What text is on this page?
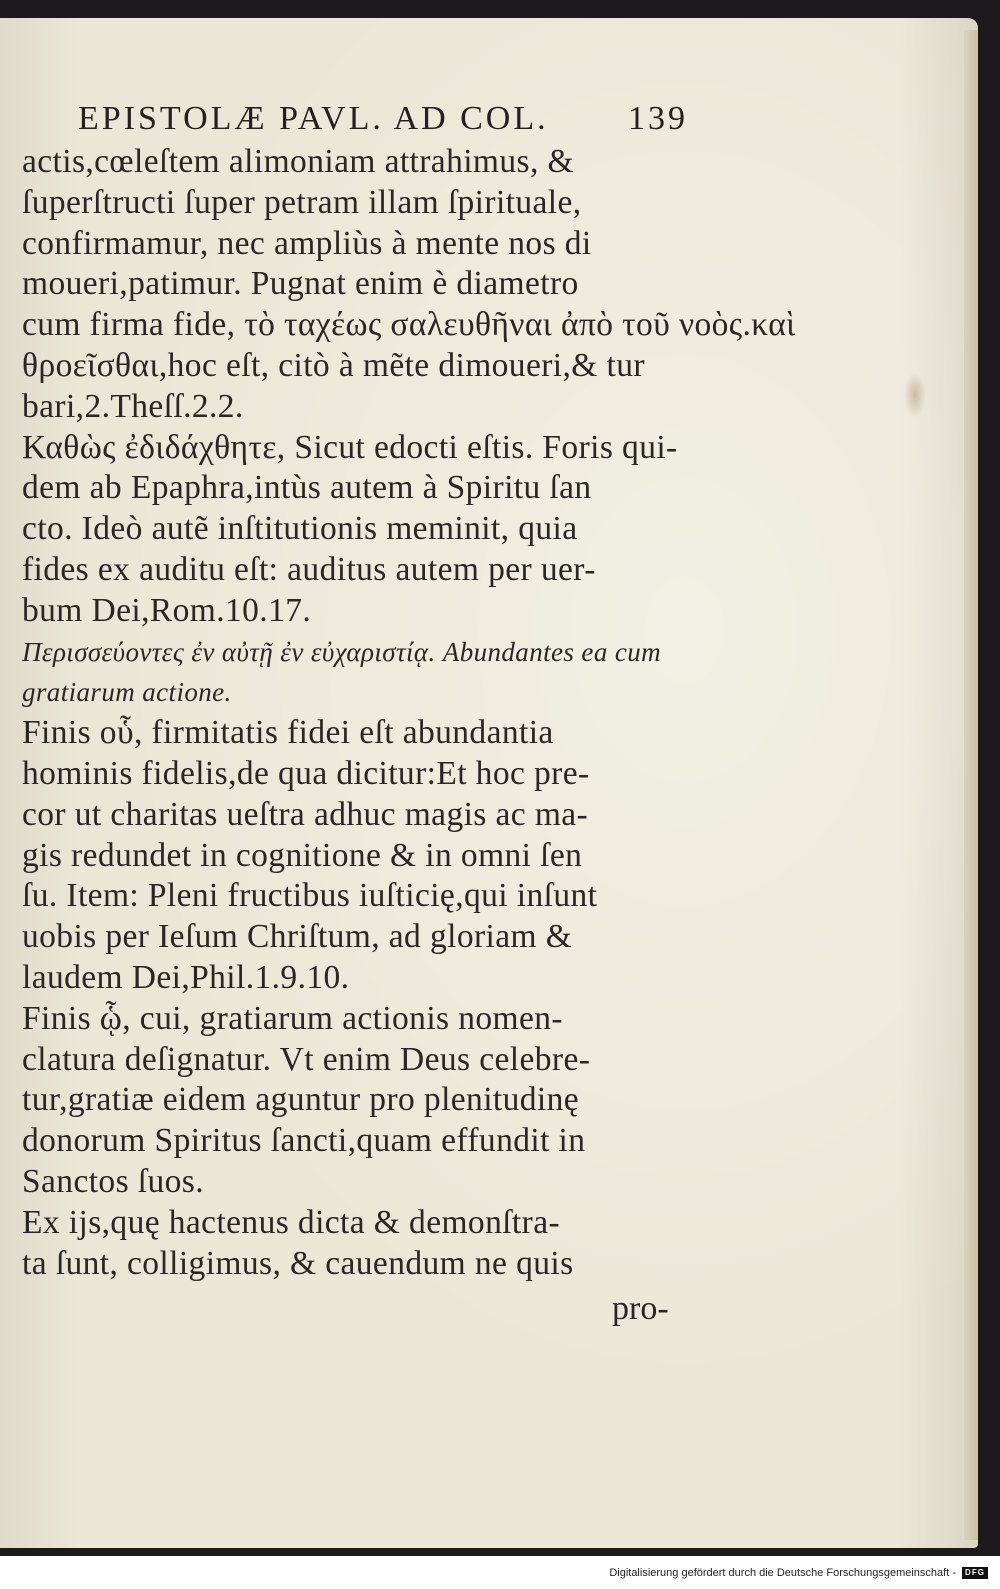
EPISTOLÆ PAVL. AD COL. 139
actis,cœleſtem alimoniam attrahimus, &
ſuperſtructi ſuper petram illam ſpirituale,
confirmamur, nec ampliùs à mente nos di
moueri,patimur. Pugnat enim è diametro
cum firma fide, τὸ ταχέως σαλευθῆναι ἀπὸ τοῦ νοὸς.καὶ
θροεῖσθαι,hoc eſt, citò à mẽte dimoueri,& tur
bari,2.Theſſ.2.2.
Καθὼς ἐδιδάχθητε, Sicut edocti eſtis. Foris qui-
dem ab Epaphra,intùs autem à Spiritu ſan
cto. Ideò autẽ inſtitutionis meminit, quia
fides ex auditu eſt: auditus autem per uer-
bum Dei,Rom.10.17.
Περισσεύοντες ἐν αὐτῇ ἐν εὐχαριστίᾳ. Abundantes ea cum
gratiarum actione.
Finis οὗ, firmitatis fidei eſt abundantia
hominis fidelis,de qua dicitur:Et hoc pre-
cor ut charitas ueſtra adhuc magis ac ma-
gis redundet in cognitione & in omni ſen
ſu. Item: Pleni fructibus iuſticię,qui inſunt
uobis per Ieſum Chriſtum, ad gloriam &
laudem Dei,Phil.1.9.10.
Finis ᾧ, cui, gratiarum actionis nomen-
clatura deſignatur. Vt enim Deus celebre-
tur,gratiæ eidem aguntur pro plenitudinę
donorum Spiritus ſancti,quam effundit in
Sanctos ſuos.
Ex ijs,quę hactenus dicta & demonſtra-
ta ſunt, colligimus, & cauendum ne quis
pro-
Digitalisierung gefördert durch die Deutsche Forschungsgemeinschaft -	DFG
